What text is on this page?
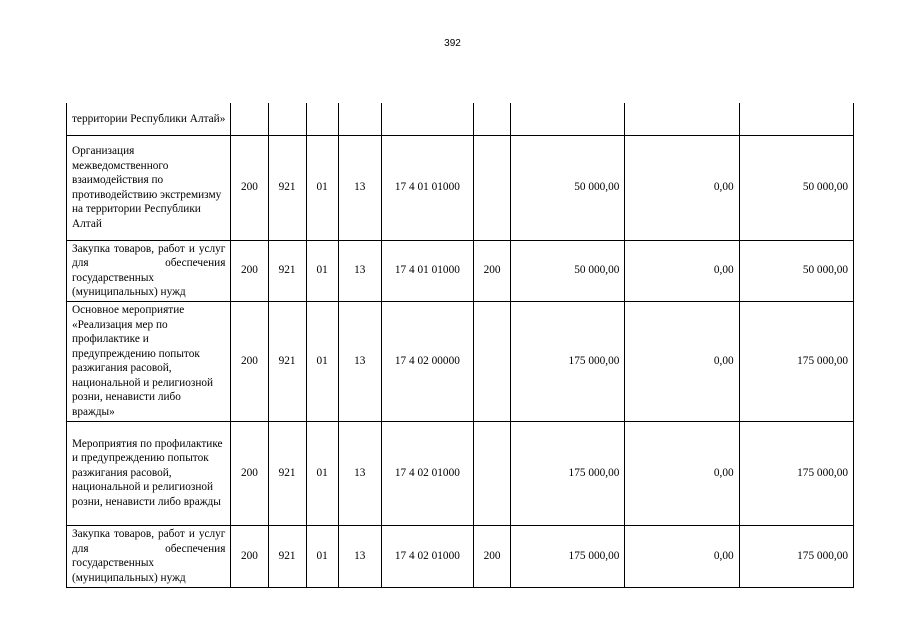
392
территории Республики Алтай»									
Организация межведомственного взаимодействия по противодействию экстремизму на территории Республики Алтай	200	921	01	13	17 4 01 01000		50 000,00	0,00	50 000,00
Закупка товаров, работ и услуг для обеспечения государственных (муниципальных) нужд	200	921	01	13	17 4 01 01000	200	50 000,00	0,00	50 000,00
Основное мероприятие «Реализация мер по профилактике и предупреждению попыток разжигания расовой, национальной и религиозной розни, ненависти либо вражды»	200	921	01	13	17 4 02 00000		175 000,00	0,00	175 000,00
Мероприятия по профилактике и предупреждению попыток разжигания расовой, национальной и религиозной розни, ненависти либо вражды	200	921	01	13	17 4 02 01000		175 000,00	0,00	175 000,00
Закупка товаров, работ и услуг для обеспечения государственных (муниципальных) нужд	200	921	01	13	17 4 02 01000	200	175 000,00	0,00	175 000,00
